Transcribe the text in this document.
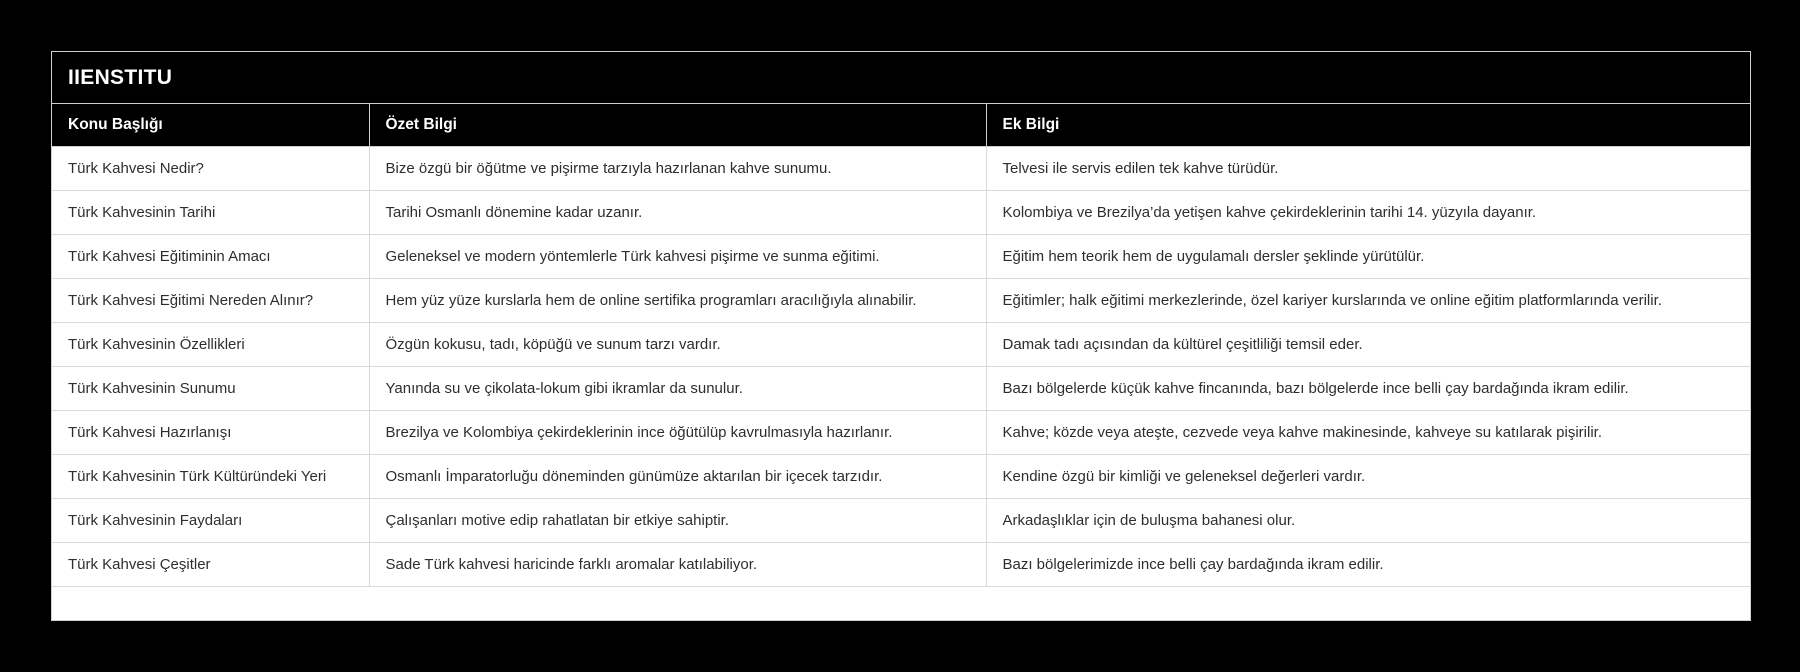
IIENSTITU
Konu Başlığı	Özet Bilgi	Ek Bilgi
Türk Kahvesi Nedir?	Bize özgü bir öğütme ve pişirme tarzıyla hazırlanan kahve sunumu.	Telvesi ile servis edilen tek kahve türüdür.
Türk Kahvesinin Tarihi	Tarihi Osmanlı dönemine kadar uzanır.	Kolombiya ve Brezilya’da yetişen kahve çekirdeklerinin tarihi 14. yüzyıla dayanır.
Türk Kahvesi Eğitiminin Amacı	Geleneksel ve modern yöntemlerle Türk kahvesi pişirme ve sunma eğitimi.	Eğitim hem teorik hem de uygulamalı dersler şeklinde yürütülür.
Türk Kahvesi Eğitimi Nereden Alınır?	Hem yüz yüze kurslarla hem de online sertifika programları aracılığıyla alınabilir.	Eğitimler; halk eğitimi merkezlerinde, özel kariyer kurslarında ve online eğitim platformlarında verilir.
Türk Kahvesinin Özellikleri	Özgün kokusu, tadı, köpüğü ve sunum tarzı vardır.	Damak tadı açısından da kültürel çeşitliliği temsil eder.
Türk Kahvesinin Sunumu	Yanında su ve çikolata-lokum gibi ikramlar da sunulur.	Bazı bölgelerde küçük kahve fincanında, bazı bölgelerde ince belli çay bardağında ikram edilir.
Türk Kahvesi Hazırlanışı	Brezilya ve Kolombiya çekirdeklerinin ince öğütülüp kavrulmasıyla hazırlanır.	Kahve; közde veya ateşte, cezvede veya kahve makinesinde, kahveye su katılarak pişirilir.
Türk Kahvesinin Türk Kültüründeki Yeri	Osmanlı İmparatorluğu döneminden günümüze aktarılan bir içecek tarzıdır.	Kendine özgü bir kimliği ve geleneksel değerleri vardır.
Türk Kahvesinin Faydaları	Çalışanları motive edip rahatlatan bir etkiye sahiptir.	Arkadaşlıklar için de buluşma bahanesi olur.
Türk Kahvesi Çeşitler	Sade Türk kahvesi haricinde farklı aromalar katılabiliyor.	Bazı bölgelerimizde ince belli çay bardağında ikram edilir.
